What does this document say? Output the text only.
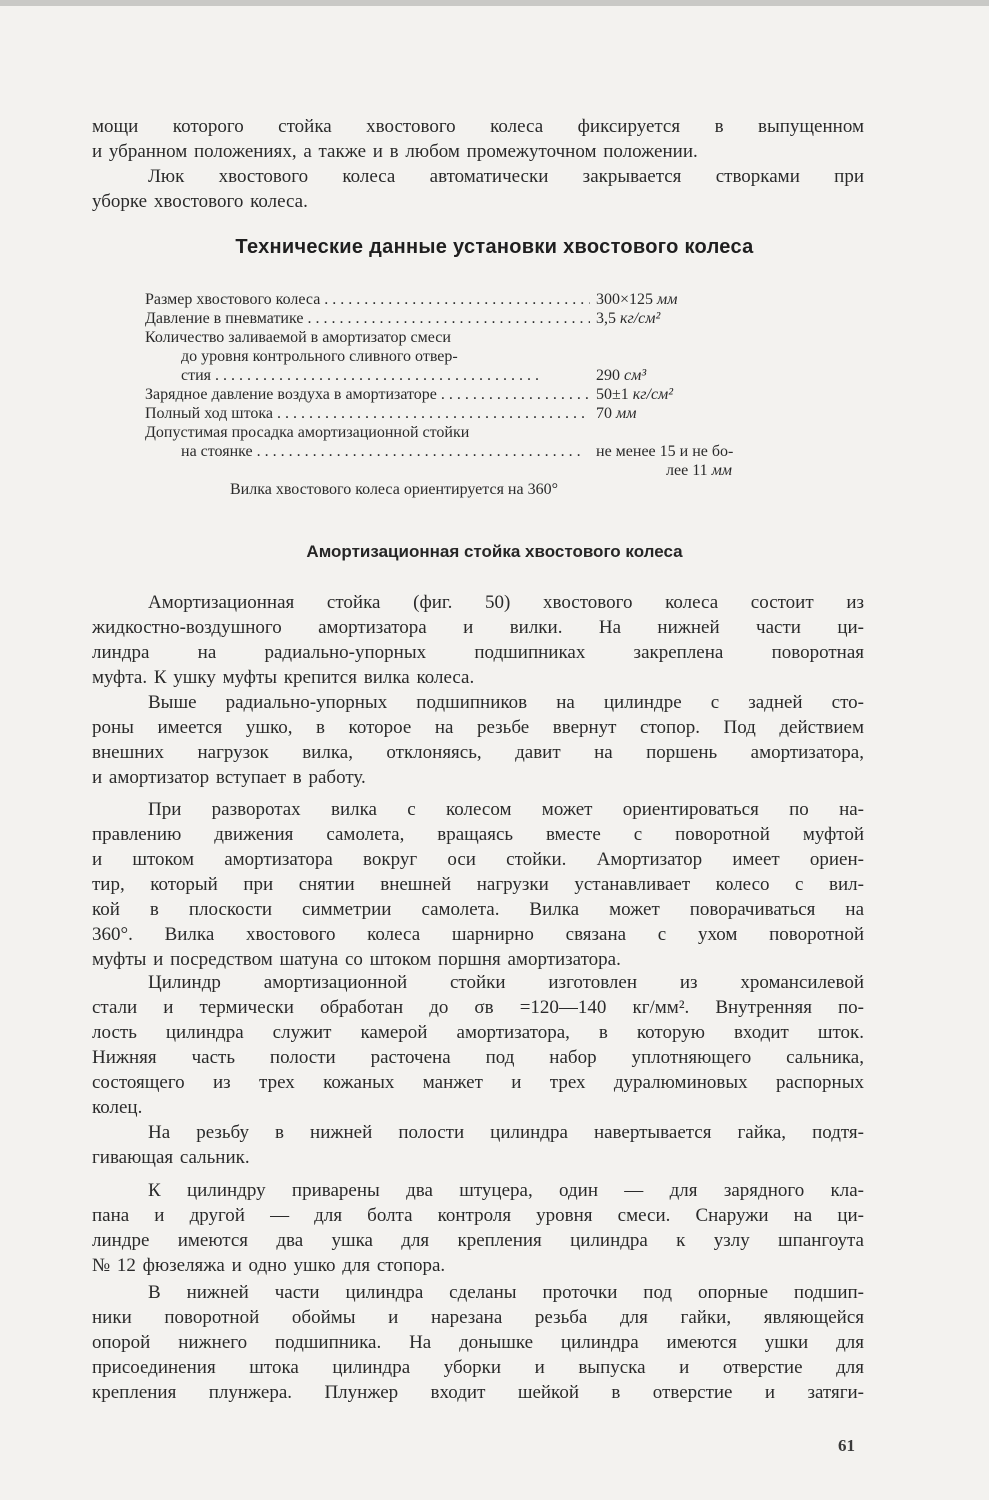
мощи которого стойка хвостового колеса фиксируется в выпущенном
и убранном положениях, а также и в любом промежуточном положении.
Люк хвостового колеса автоматически закрывается створками при
уборке хвостового колеса.
Технические данные установки хвостового колеса
Размер хвостового колеса . . .	300×125 мм
Давление в пневматике . . .	3,5 кг/см²
Количество заливаемой в амортизатор смеси
до уровня контрольного сливного отвер-
стия . . .	290 см³
Зарядное давление воздуха в амортизаторе . . .	50±1 кг/см²
Полный ход штока . . .	70 мм
Допустимая просадка амортизационной стойки
на стоянке . . .	не менее 15 и не бо-
лее 11 мм
Вилка хвостового колеса ориентируется на 360°
Амортизационная стойка хвостового колеса
Амортизационная стойка (фиг. 50) хвостового колеса состоит из
жидкостно-воздушного амортизатора и вилки. На нижней части ци-
линдра на радиально-упорных подшипниках закреплена поворотная
муфта. К ушку муфты крепится вилка колеса.
Выше радиально-упорных подшипников на цилиндре с задней сто-
роны имеется ушко, в которое на резьбе ввернут стопор. Под действием
внешних нагрузок вилка, отклоняясь, давит на поршень амортизатора,
и амортизатор вступает в работу.
При разворотах вилка с колесом может ориентироваться по на-
правлению движения самолета, вращаясь вместе с поворотной муфтой
и штоком амортизатора вокруг оси стойки. Амортизатор имеет ориен-
тир, который при снятии внешней нагрузки устанавливает колесо с вил-
кой в плоскости симметрии самолета. Вилка может поворачиваться на
360°. Вилка хвостового колеса шарнирно связана с ухом поворотной
муфты и посредством шатуна со штоком поршня амортизатора.
Цилиндр амортизационной стойки изготовлен из хромансилевой
стали и термически обработан до σв =120—140 кг/мм². Внутренняя по-
лость цилиндра служит камерой амортизатора, в которую входит шток.
Нижняя часть полости расточена под набор уплотняющего сальника,
состоящего из трех кожаных манжет и трех дуралюминовых распорных
колец.
На резьбу в нижней полости цилиндра навертывается гайка, подтя-
гивающая сальник.
К цилиндру приварены два штуцера, один — для зарядного кла-
пана и другой — для болта контроля уровня смеси. Снаружи на ци-
линдре имеются два ушка для крепления цилиндра к узлу шпангоута
№ 12 фюзеляжа и одно ушко для стопора.
В нижней части цилиндра сделаны проточки под опорные подшип-
ники поворотной обоймы и нарезана резьба для гайки, являющейся
опорой нижнего подшипника. На донышке цилиндра имеются ушки для
присоединения штока цилиндра уборки и выпуска и отверстие для
крепления плунжера. Плунжер входит шейкой в отверстие и затяги-
61
